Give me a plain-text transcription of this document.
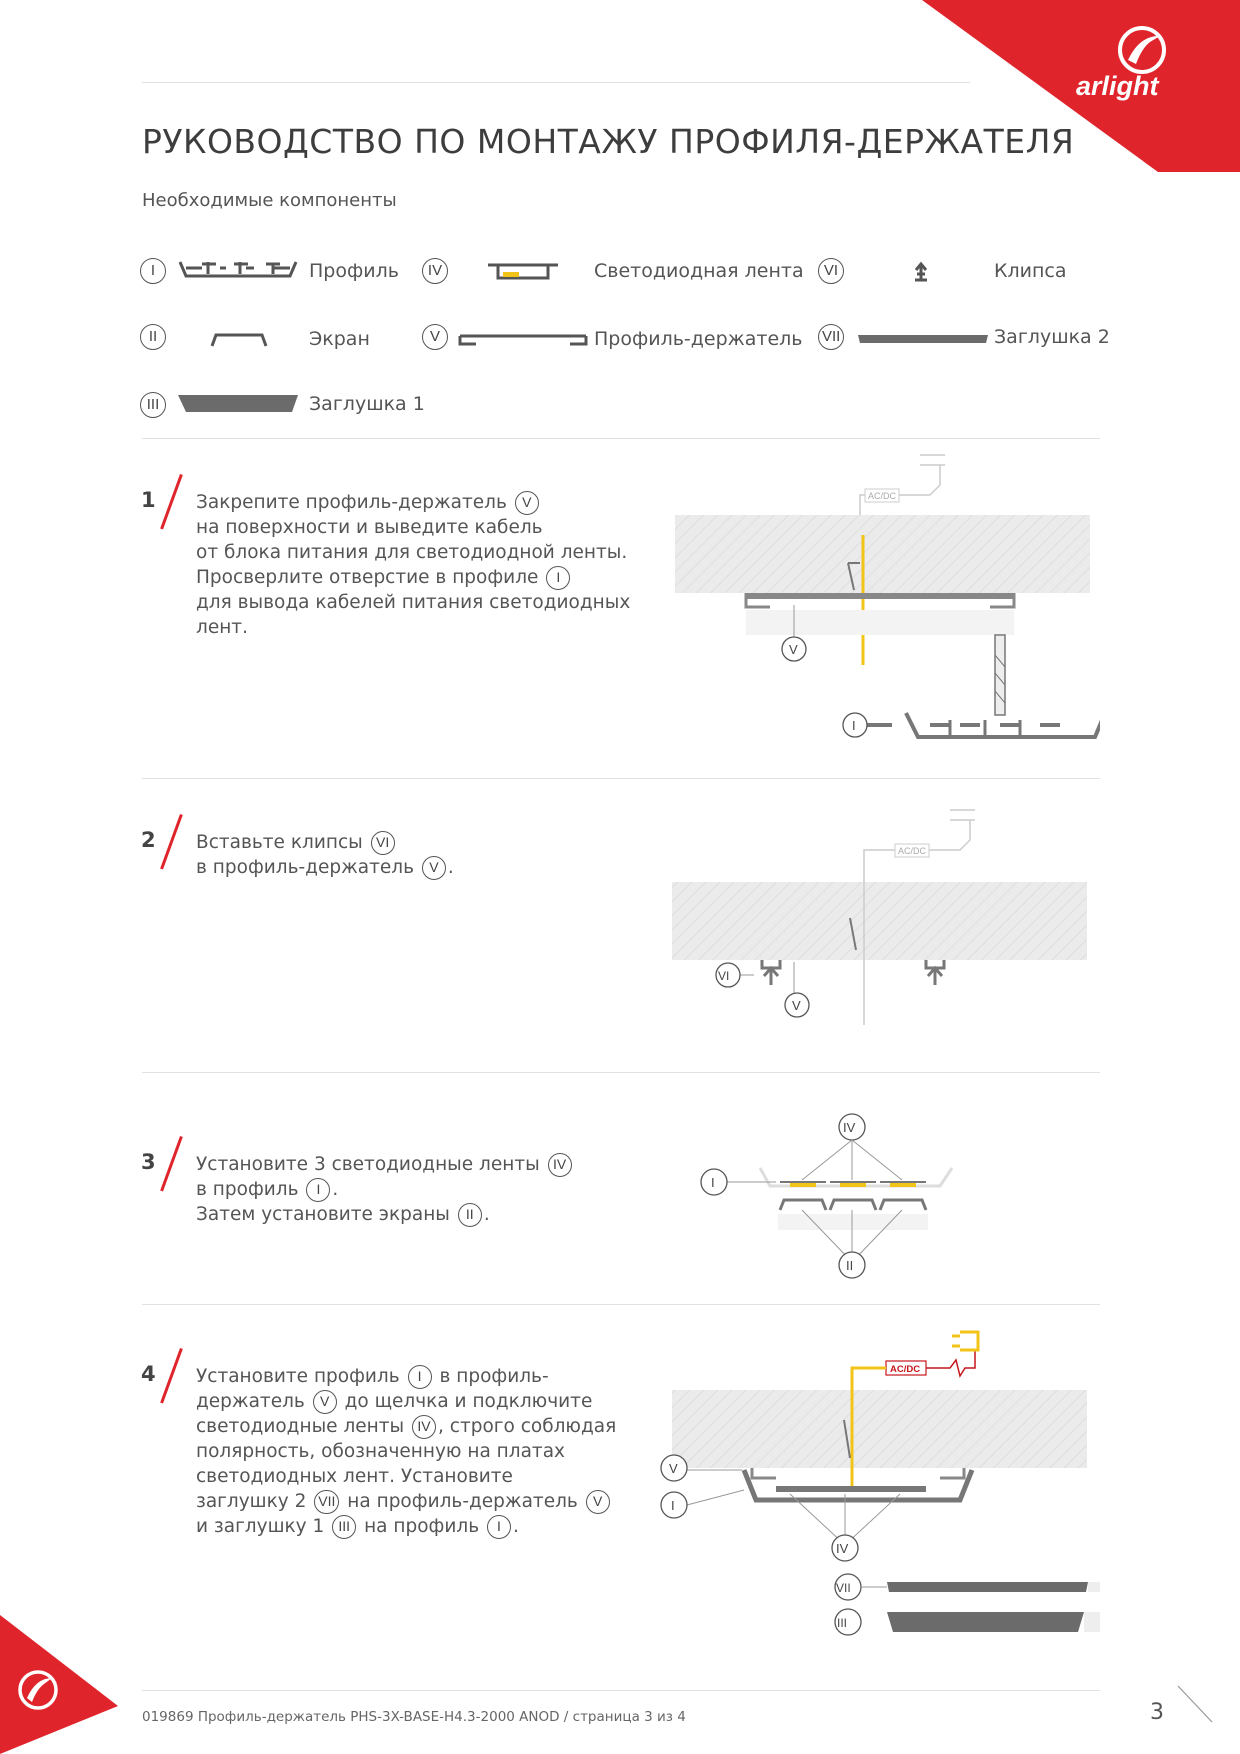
arlight
РУКОВОДСТВО ПО МОНТАЖУ ПРОФИЛЯ-ДЕРЖАТЕЛЯ
Необходимые компоненты
I	Профиль
II	Экран
III	Заглушка 1
IV	Светодиодная лента
V	Профиль-держатель
VI	Клипса
VII	Заглушка 2
1 Закрепите профиль-держатель V

на поверхности и выведите кабель

от блока питания для светодиодной ленты.

Просверлите отверстие в профиле I

для вывода кабелей питания светодиодных

лент.

AC/DC
V
I
2 Вставьте клипсы VI

в профиль-держатель V .

AC/DC
VI
V
3 Установите 3 светодиодные ленты IV

в профиль I .

Затем установите экраны II .

IV
I
II
4 Установите профиль I в профиль-

держатель V до щелчка и подключите

светодиодные ленты IV , строго соблюдая

полярность, обозначенную на платах

светодиодных лент. Установите

заглушку 2 VII на профиль-держатель V

и заглушку 1 III на профиль I .

AC/DC
V
I
IV
VII
III
019869 Профиль-держатель PHS-3X-BASE-H4.3-2000 ANOD / страница 3 из 4	3
